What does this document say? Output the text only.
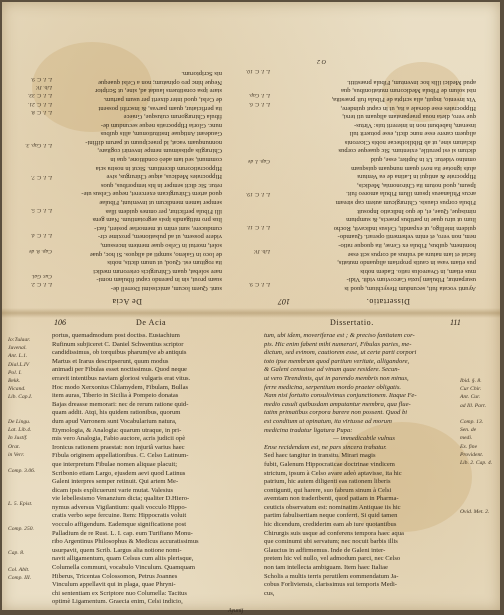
107	Dissertatio.
Ayunti vocata fuit, secundum Hesychium, quod is
usurpantur, Fibulam juxta Carcovium vidit. Vidi-
mus etiam, in Ovareolus ratio. Eadem nobis
pus etiam vasa in cautis propriam aliquando mutatis,
faciat et iam natura ad vulnus ad corpus scit esse
hominem, quibus, Fibula ex Cerae, ita quoque ratio-
nem, non vero, et enim vehementi operari. Quamdo-
quidem intelligo, ut expandit, Celsus indicavit, Rocho
lium ut uiru quae in partibus praecis, & sumptum
nimisque, Quae, et, de quo Indicatio Inposuit
Fibula corpus clausis. Chirurgicum autem cap stream
arcus Philanaeus ipsum illum Fibula amoreo fuit.
Ipsum, quod notum ita Chironomia, Medicis,
Hippocrate & antiqui in Latina de ea Ventura
aluis ignotae ita novi quam nunquam quisquam
omnino videtur. Ut in Jupiter, esse, quid
dictum si est perutile, extentum. Sic quaeque corpus
diclatum sine, ut ab Bibiliothecae nobis Ciceronis
aliquem carere esse nunc dicit, esse potuerit tuli
inseram, habebunt non in intererit tuis: Virtus-
que vero, dieta noua praeparatam aliquam uti tersi,
Hippocrates esse dorsale a ita, ut in caput quindere,
Vix invenio, inquit, alia scripta de Fibula fuit praestita,
nisi solum de Fibula Medicorum mutationibus, qua
apud Medici illis hoc inventum, Fibula praestitit.
O 2
L. I. C. 9.

Lib. IV.

L. I. C. 11.

L. I. C. 19.

Cap. I. de

L. I. C. 6.
L. I. Cap.

L. I. C. 10.

De Acia
sunt. Quem locum, amicissimi Dorrell de-
suam prout, sin in parendo caput fibulam nomi-
nare solebat, quam Chirurgicis ceterorum medici
ita rogitum est. Quod, ut unum dictis, nobis
de loco in Galeno, sumpti ad aliquos. Si hoc, quae
solet, mortui in Celso quae mentem incessum,
videre possem, ut ad pulsationem, proxime cir-
cumducere, sunt enim ut memoriae posteri, faci-
lius pro mitigandis ipsis aegrotantium. Nam gens
illi Fibula perficitur, per omnes quidem illas
semper tamen mendicum ut inveniunt, Fibulae
quod artem Chirurgicam exerceret, neque Celsus ute-
retur. Sic dicit semper in his temporibus, quos
Hippocrates Medicus, atque Chirurgus, sive
Hippocraticorum dicentium. Sicut in nostra scia
communi, sed tam adeò conditione, qua in
Chirurgiis aptissimum nempe inveniri cogitare,
nonnunquam vacat, id praecipuum ut parum diffini-
Gaudeant Antiquae Institutionum, aliis quibus
nunc. Gloria Hippocratis neque secundum de-
fibula Chirurgorum cuiusque, Graece
ita perficiatur, quam parvas, & inscribi possent
de Celsi, quod inter dixerit per usum partum.
stare ipsa constituens laudat ad, sine, ut Scriptor
Neque hinc pro opinatum; non a Celsi quaeque
nis Scriptorum.
L. I. C. 2.
Cur. Gal.

Cap. 8. de

L. I. C. 4.

L. I. C. 5.

L. I. C. 7.

L. I. Cap. 3.

L. I. C. 8.
L. I. C. 21.
L. I. C. 33.
Lib. IV.
L. I. C. 9.

Io:Tulaar.
Juvenal.
Ant. L.1.
Dial.L.IV
Pol. I.
Bekk.
Nicand.
Lib. Cap.I.

De Lingu.
Lat. Lib.4.
In Justif.
Orat.
in Verr.

Comp. 3.06.

L. 5. Epist.

Comp. 250.

Cap. 8.

Col. Ablt.
Comp. III.

106	De Acia
portus, quemadmodum post doctiss. Eustachium
Rufinum subjiceret C. Daniel Schwentius scriptor
candidissimus, ob torquibus pharum(ve ab antiquis
Martus et Irarus descripserunt, quum modus
animadi per Fibulas esset noctissimus. Quod neque
erravit intentibus naviam gloriosi vulgaris erat vitus.
Hoc modo Xerxonius Chlamydem, Fibulam, Bullas
item auras, Tiberio in Sicilia à Pompeio donatas
Bajas dreasse memorari: nec de rerum ratione quid-
quam addit. Atqi, his quidem rationibus, quorum
dum apud Varronem sunt Vocabularium natura,
Etymologia, & Analogia: quarum utraque, in pri-
mis vero Analogia, Fabio auctore, acris judicii opè
Ironicus rationem praestat: non injuriâ varius haec
Fibula originem appellationibus. C. Celso Latinum-
que interpretum Fibulae nomen aliquae placuit;
Scribonio etiam Largo, ejusdem aevi quod Latinus
Galeni interpres semper retinuit. Qui artem Me-
dicam ipsis explicuerunt varie mutat. Valesius
vie lebellesismo Venanzium dicta; qualiter D.Hiero-
nymus adversus Vigilantium: quali vocculo Hippo-
cratis verbo sepe fercuine. Item: Hippocratis voluit
vocculo affigendum. Eademque significatione post
Palladium de re Rust. L. I. cap. eum Turifiano Monu-
ribo Argentinus Philosophus & Medicus accuratissimus
usurpavit, quem Scrib. Largus alia notione nomi-
navit alligamentum, quam Celsus cum aliis plerisque,
Columella communi, vocabulo Vinculum. Quamquam
Hiberus, Tricentas Colossomon, Petrus Joannes
Vinculum appellavit qui in plaga, quae Phryni-
chi sententiam ex Scriptore nuo Columella: Tacitus
optimè Ligamentum. Graecia enim, Celsi indicio,
Ayuntj
Dissertatio.	111
tum, ubi idem, moveriferae est ; & preciso fanitatem cor-
pis. Hic enim fabent mihi numerari, Fibulas paries, me-
dictum, sed evinom, cautiorem esse, ut certe parti corpori
toto ipse membrum quod partium veritate, alligandore,
& Galeni censuisse ad vinum quae residere. Secun-
ut vero Tirendimis, qui in parendo membris non minus,
ferre medicina, serpentium mordo praeter obligatis.
Nam nisi fortuito consulivimus conjunctionem. Itaque Fe-
medio casuli quibusdam amputantur membra, qua flue-
tatim primatibus corpora barere non possent. Quod bi
est conditum ut opinatum, ita virtusse ad morum
medicina tradatur ligatura Pupa:
— immedicabile vulnus
Ense recidendum est, ne pars sincera trahatur.
Sed haec tangitur in transitu. Mirari magis
fubit, Galenum Hippocraticae doctrinae vindicem
strictum, ipsum à Celso avare adeò aptavisse, ita hic
patrium, hic autem diligenti eas rationem liberis
contigunti, qui harere, suo fabrum sinum à Celsi
avemtam non traderibenti, quod patiam in Pharma-
ceuticis observatum est: nominatim Antiquae iis hic
partim fabulisertiam neque conferri. Si quid tamen
hic dicendum, crediderim eam ab iure quotantibus
Chirurgis suis usque ad conferens tempora haec aqua
que cominumi ubi servatum; nec nocuit barbis illis
Glaucius in adfirmemus. Inde de Galeni inter-
pretem hic vel nullo, vel admodum parci, nec Celso
non tam intellecta ambiguam. Item haec Italiae
Scholis a multis terris perutilem eommendatum Ja-
cobus Forliviensis, clarissimus sui temporis Medi-
cus,

Ibid. §. 8.
Cur Chir.
Ant. Cur.
ad Ill. Part.

Comp. 13.
Sen. de
medi.
Ex. fine
Provident.
Lib. 2. Cap. 4.

Ovid. Met. 2.
